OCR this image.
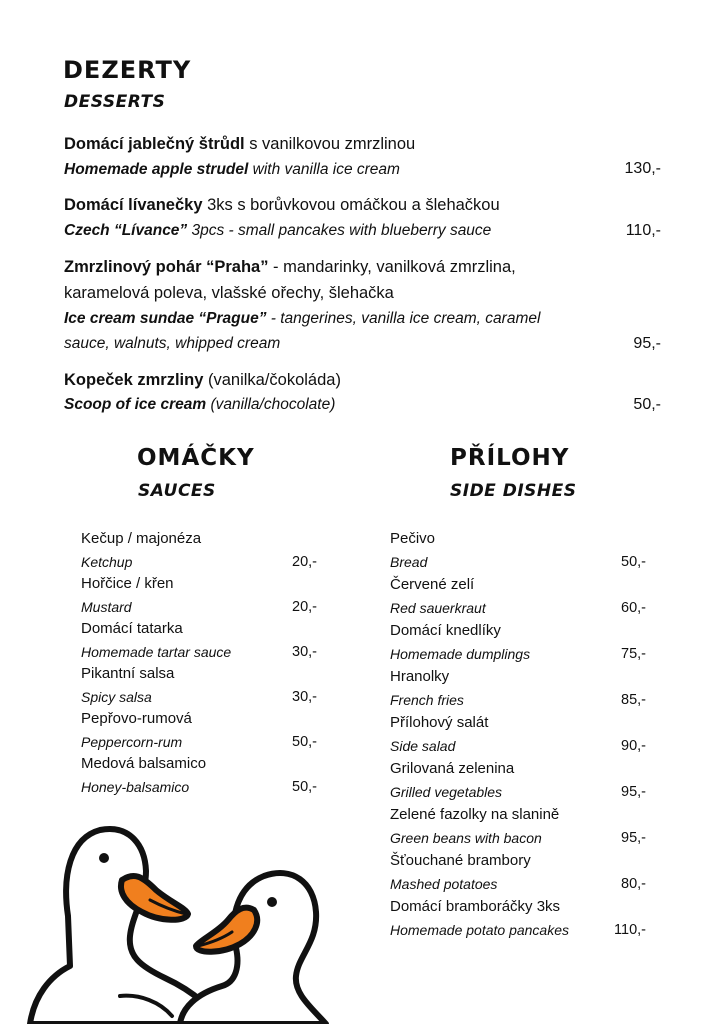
DEZERTY
DESSERTS
Domácí jablečný štrůdl s vanilkovou zmrzlinou
Homemade apple strudel with vanilla ice cream	130,-
Domácí lívanečky 3ks s borůvkovou omáčkou a šlehačkou
Czech “Lívance” 3pcs - small pancakes with blueberry sauce	110,-
Zmrzlinový pohár “Praha” - mandarinky, vanilková zmrzlina,
karamelová poleva, vlašské ořechy, šlehačka
Ice cream sundae “Prague” - tangerines, vanilla ice cream, caramel
sauce, walnuts, whipped cream	95,-
Kopeček zmrzliny (vanilka/čokoláda)
Scoop of ice cream (vanilla/chocolate)	50,-
OMÁČKY
SAUCES
Kečup / majonéza
Ketchup	20,-
Hořčice / křen
Mustard	20,-
Domácí tatarka
Homemade tartar sauce	30,-
Pikantní salsa
Spicy salsa	30,-
Pepřovo-rumová
Peppercorn-rum	50,-
Medová balsamico
Honey-balsamico	50,-
PŘÍLOHY
SIDE DISHES
Pečivo
Bread	50,-
Červené zelí
Red sauerkraut	60,-
Domácí knedlíky
Homemade dumplings	75,-
Hranolky
French fries	85,-
Přílohový salát
Side salad	90,-
Grilovaná zelenina
Grilled vegetables	95,-
Zelené fazolky na slanině
Green beans with bacon	95,-
Šťouchané brambory
Mashed potatoes	80,-
Domácí bramboráčky 3ks
Homemade potato pancakes	110,-
